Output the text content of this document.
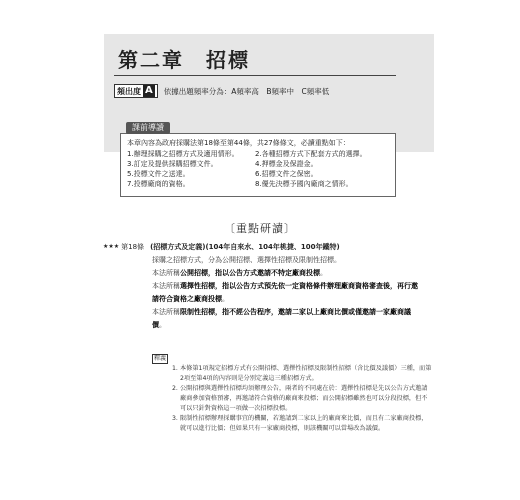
第二章　招標
頻出度 A 依據出題頻率分為：A頻率高　B頻率中　C頻率低
本章內容為政府採購法第18條至第44條，共27條條文，必讀重點如下：
1.辦理採購之招標方式及適用情形。	2.各種招標方式下配套方式的選擇。
3.訂定及提供採購招標文件。	4.押標金及保證金。
5.投標文件之送達。	6.招標文件之保密。
7.投標廠商的資格。	8.優先決標予國內廠商之情形。
課前導讀
〔重點研讀〕
★★★ 第18條 (招標方式及定義)(104年自來水、104年桃捷、100年鐵特)
採購之招標方式，分為公開招標、選擇性招標及限制性招標。
本法所稱公開招標，指以公告方式邀請不特定廠商投標。
本法所稱選擇性招標，指以公告方式預先依一定資格條件辦理廠商資格審查後，再行邀請符合資格之廠商投標。
本法所稱限制性招標，指不經公告程序，邀請二家以上廠商比價或僅邀請一家廠商議價。
釋義
1. 本條第1項規定招標方式有公開招標、選擇性招標及限制性招標（含比價及議價）三種，而第2項至第4項的內容則是分別定義這三種招標方式。
2. 公開招標與選擇性招標均須辦理公告，兩者的不同處在於：選擇性招標是先以公告方式邀請廠商參加資格預審，再邀請符合資格的廠商來投標；而公開招標雖然也可以分段投標，但不可以只針對資格這一項做一次招標投標。
3. 限制性招標辦理採購事宜的機關，若邀請到二家以上的廠商來比價，而且有二家廠商投標，就可以進行比價；但如果只有一家廠商投標，則該機關可以當場改為議價。
